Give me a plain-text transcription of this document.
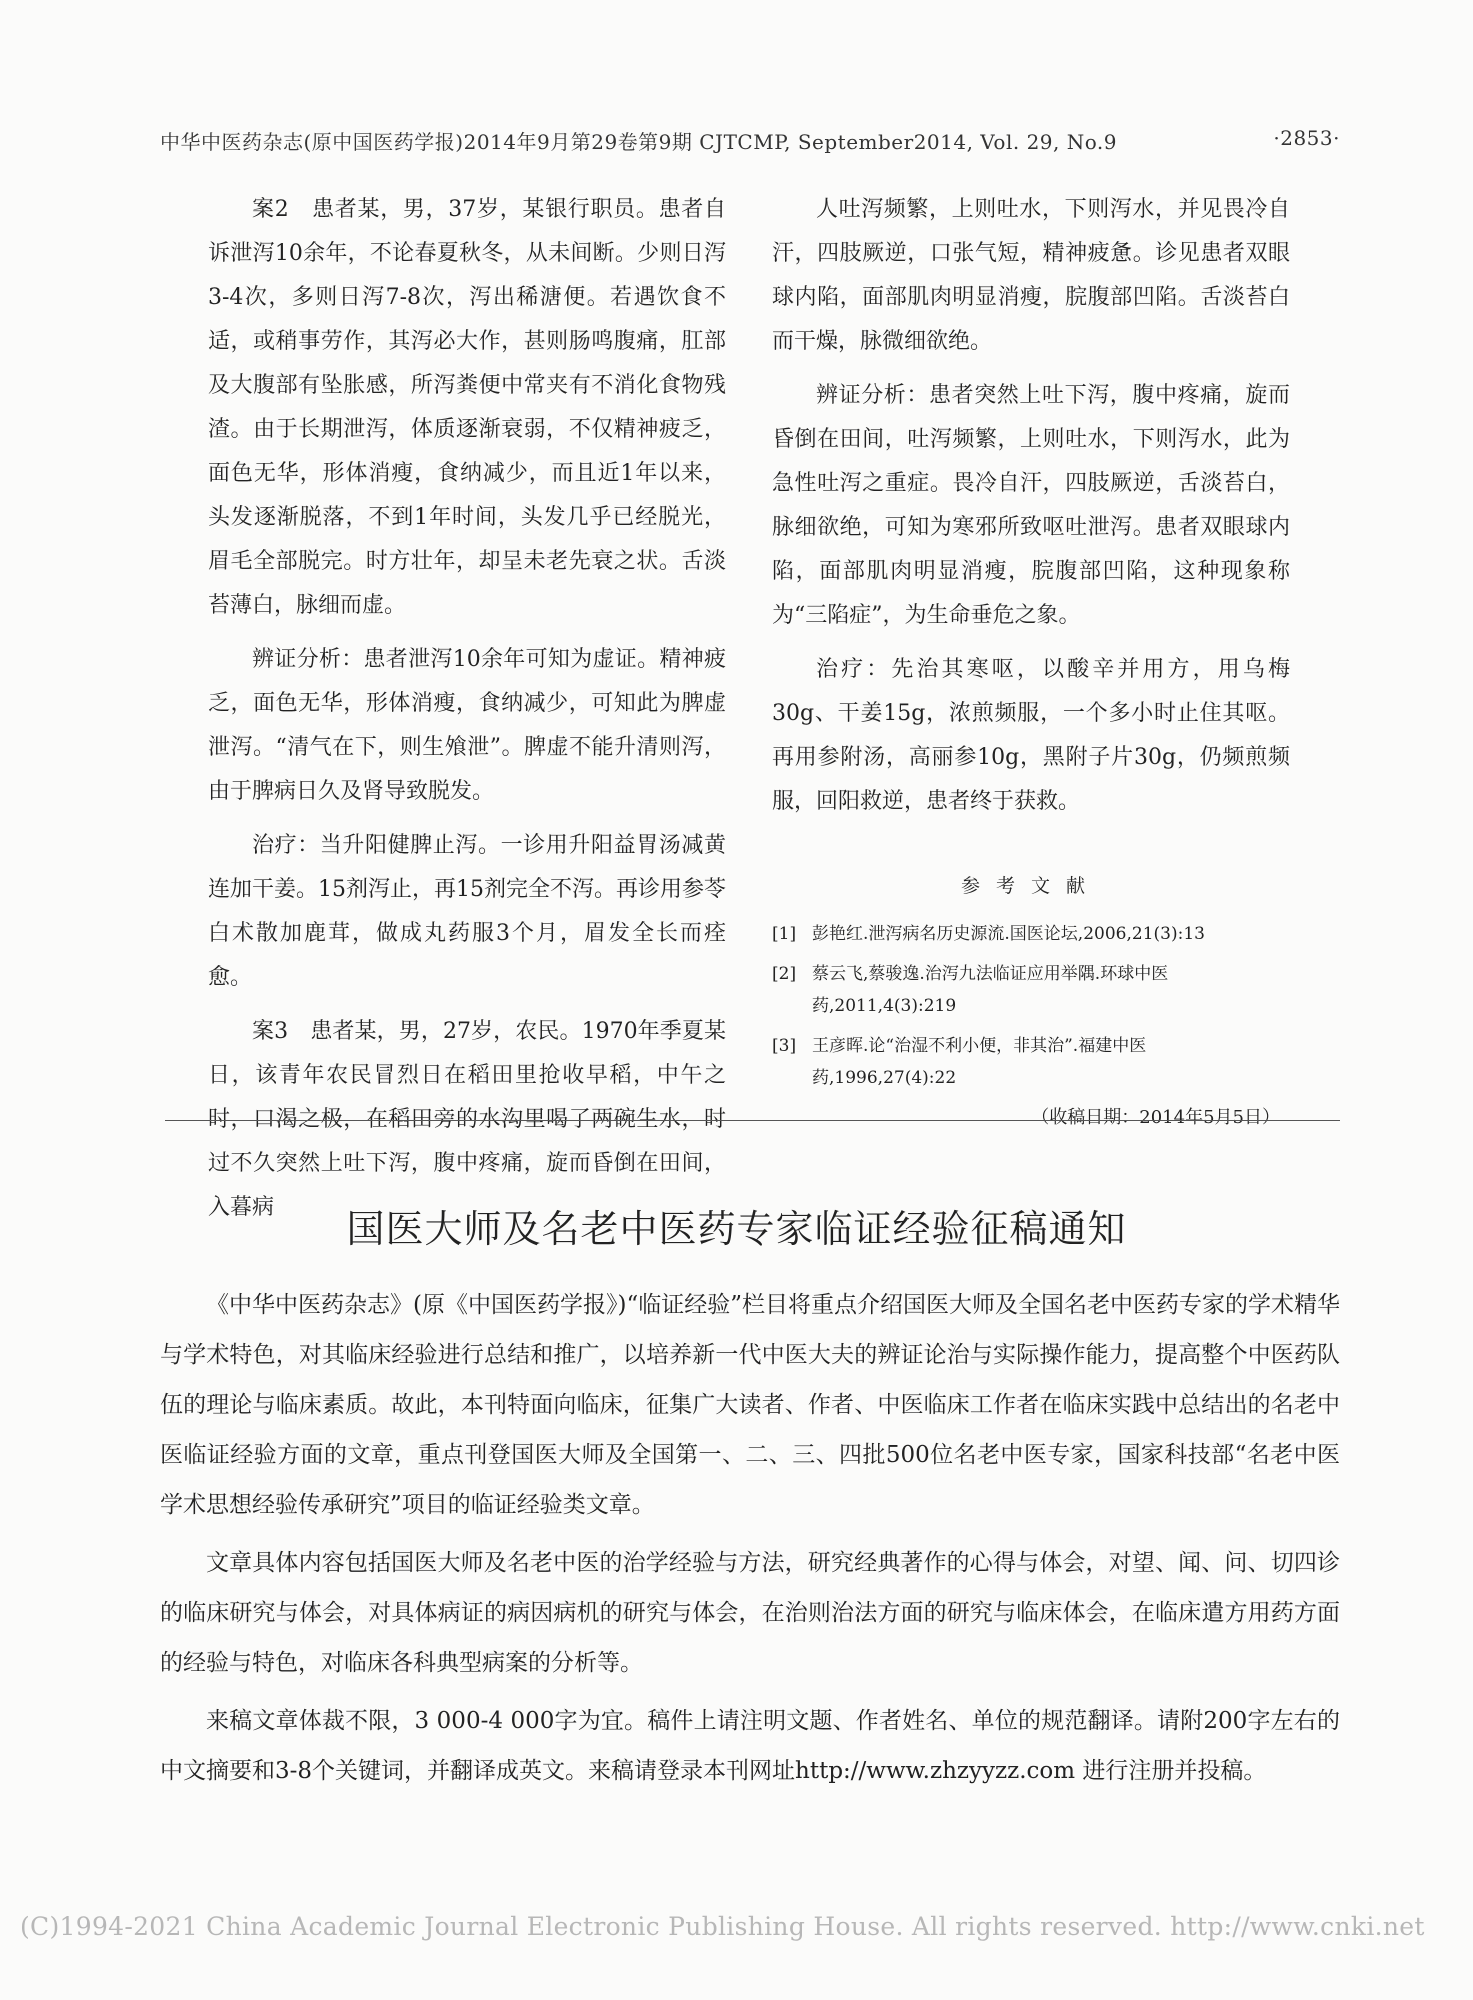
中华中医药杂志(原中国医药学报)2014年9月第29卷第9期 CJTCMP, September2014, Vol. 29, No.9	·2853·

案2　患者某，男，37岁，某银行职员。患者自诉泄泻10余年，不论春夏秋冬，从未间断。少则日泻3-4次，多则日泻7-8次，泻出稀溏便。若遇饮食不适，或稍事劳作，其泻必大作，甚则肠鸣腹痛，肛部及大腹部有坠胀感，所泻粪便中常夹有不消化食物残渣。由于长期泄泻，体质逐渐衰弱，不仅精神疲乏，面色无华，形体消瘦，食纳减少，而且近1年以来，头发逐渐脱落，不到1年时间，头发几乎已经脱光，眉毛全部脱完。时方壮年，却呈未老先衰之状。舌淡苔薄白，脉细而虚。

辨证分析：患者泄泻10余年可知为虚证。精神疲乏，面色无华，形体消瘦，食纳减少，可知此为脾虚泄泻。“清气在下，则生飧泄”。脾虚不能升清则泻，由于脾病日久及肾导致脱发。

治疗：当升阳健脾止泻。一诊用升阳益胃汤减黄连加干姜。15剂泻止，再15剂完全不泻。再诊用参苓白术散加鹿茸，做成丸药服3个月，眉发全长而痊愈。

案3　患者某，男，27岁，农民。1970年季夏某日，该青年农民冒烈日在稻田里抢收早稻，中午之时，口渴之极，在稻田旁的水沟里喝了两碗生水，时过不久突然上吐下泻，腹中疼痛，旋而昏倒在田间，入暮病

人吐泻频繁，上则吐水，下则泻水，并见畏冷自汗，四肢厥逆，口张气短，精神疲惫。诊见患者双眼球内陷，面部肌肉明显消瘦，脘腹部凹陷。舌淡苔白而干燥，脉微细欲绝。

辨证分析：患者突然上吐下泻，腹中疼痛，旋而昏倒在田间，吐泻频繁，上则吐水，下则泻水，此为急性吐泻之重症。畏冷自汗，四肢厥逆，舌淡苔白，脉细欲绝，可知为寒邪所致呕吐泄泻。患者双眼球内陷，面部肌肉明显消瘦，脘腹部凹陷，这种现象称为“三陷症”，为生命垂危之象。

治疗：先治其寒呕，以酸辛并用方，用乌梅30g、干姜15g，浓煎频服，一个多小时止住其呕。再用参附汤，高丽参10g，黑附子片30g，仍频煎频服，回阳救逆，患者终于获救。

参考文献
[1] 彭艳红.泄泻病名历史源流.国医论坛,2006,21(3):13
[2] 蔡云飞,蔡骏逸.治泻九法临证应用举隅.环球中医药,2011,4(3):219
[3] 王彦晖.论“治湿不利小便，非其治”.福建中医药,1996,27(4):22
（收稿日期：2014年5月5日）
国医大师及名老中医药专家临证经验征稿通知

《中华中医药杂志》(原《中国医药学报》)“临证经验”栏目将重点介绍国医大师及全国名老中医药专家的学术精华与学术特色，对其临床经验进行总结和推广，以培养新一代中医大夫的辨证论治与实际操作能力，提高整个中医药队伍的理论与临床素质。故此，本刊特面向临床，征集广大读者、作者、中医临床工作者在临床实践中总结出的名老中医临证经验方面的文章，重点刊登国医大师及全国第一、二、三、四批500位名老中医专家，国家科技部“名老中医学术思想经验传承研究”项目的临证经验类文章。

文章具体内容包括国医大师及名老中医的治学经验与方法，研究经典著作的心得与体会，对望、闻、问、切四诊的临床研究与体会，对具体病证的病因病机的研究与体会，在治则治法方面的研究与临床体会，在临床遣方用药方面的经验与特色，对临床各科典型病案的分析等。

来稿文章体裁不限，3 000-4 000字为宜。稿件上请注明文题、作者姓名、单位的规范翻译。请附200字左右的中文摘要和3-8个关键词，并翻译成英文。来稿请登录本刊网址http://www.zhzyyzz.com 进行注册并投稿。

(C)1994-2021 China Academic Journal Electronic Publishing House. All rights reserved. http://www.cnki.net
